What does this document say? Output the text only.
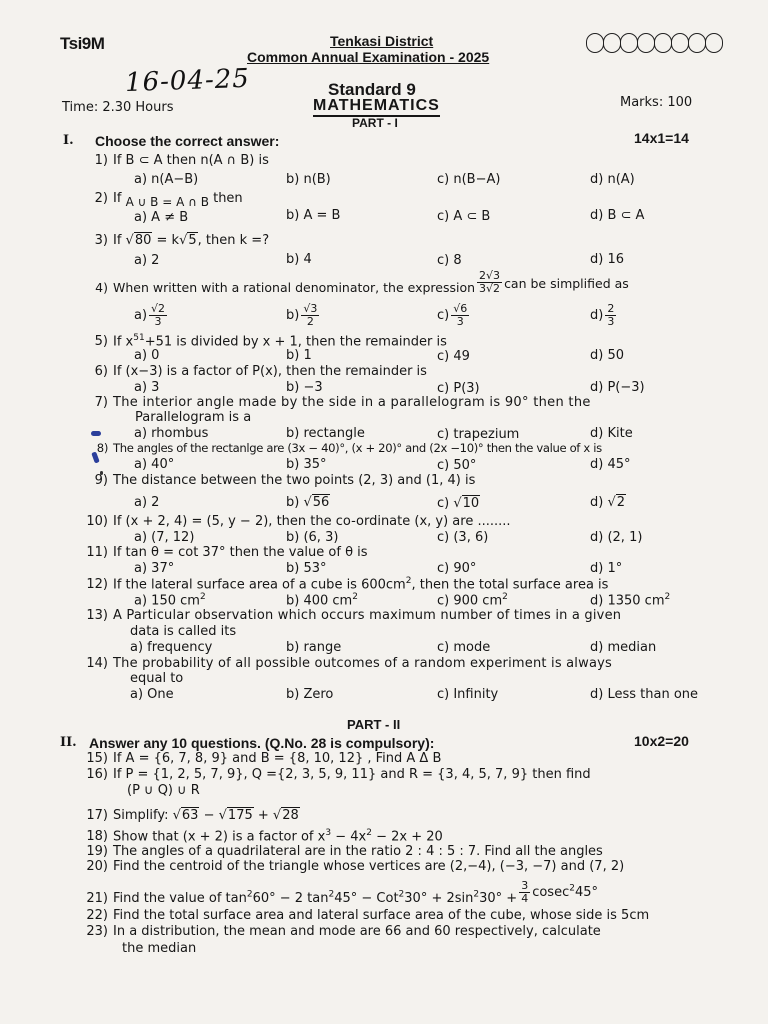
Tsi9M	Tenkasi District
Common Annual Examination - 2025
16-04-25	Standard 9
MATHEMATICS
Time: 2.30 Hours	Marks: 100
PART - I
I. Choose the correct answer:	14x1=14
1) If B ⊂ A then n(A ∩ B) is
a) n(A−B)	b) n(B)	c) n(B−A)	d) n(A)
2) If A ∪ B = A ∩ B then
a) A ≠ B	b) A = B	c) A ⊂ B	d) B ⊂ A
3) If √80 = k√5, then k =?
a) 2	b) 4	c) 8	d) 16
4) When written with a rational denominator, the expression $\frac{2√3}{3√2}$ can be simplified as
$a) \frac{√2}{3}$	$b) \frac{√3}{2}$	$c) \frac{√6}{3}$	$d) \frac{2}{3}$
5) If $x^{51}+51$ is divided by x + 1, then the remainder is
a) 0	b) 1	c) 49	d) 50
6) If (x−3) is a factor of P(x), then the remainder is
a) 3	b) −3	c) P(3)	d) P(−3)
7) The interior angle made by the side in a parallelogram is 90° then the
Parallelogram is a
a) rhombus	b) rectangle	c) trapezium	d) Kite
8) The angles of the rectanlge are (3x − 40)°, (x + 20)° and (2x −10)° then the value of x is
a) 40°	b) 35°	c) 50°	d) 45°
9) The distance between the two points (2, 3) and (1, 4) is
a) 2	b) √56	c) √10	d) √2
10) If (x + 2, 4) = (5, y − 2), then the co-ordinate (x, y) are ........
a) (7, 12)	b) (6, 3)	c) (3, 6)	d) (2, 1)
11) If tan θ = cot 37° then the value of θ is
a) 37°	b) 53°	c) 90°	d) 1°
12) If the lateral surface area of a cube is $600cm^2$, then the total surface area is
a) 150 $cm^2$	b) 400 $cm^2$	c) 900 $cm^2$	d) 1350 $cm^2$
13) A Particular observation which occurs maximum number of times in a given
data is called its
a) frequency	b) range	c) mode	d) median
14) The probability of all possible outcomes of a random experiment is always
equal to
a) One	b) Zero	c) Infinity	d) Less than one
PART - II
II. Answer any 10 questions. (Q.No. 28 is compulsory):	10x2=20
15) If A = {6, 7, 8, 9} and B = {8, 10, 12} , Find A Δ B
16) If P = {1, 2, 5, 7, 9}, Q ={2, 3, 5, 9, 11} and R = {3, 4, 5, 7, 9} then find
(P ∪ Q) ∪ R
17) Simplify: √63 − √175 + √28
18) Show that (x + 2) is a factor of $x^3 - 4x^2 - 2x + 20$
19) The angles of a quadrilateral are in the ratio 2 : 4 : 5 : 7. Find all the angles
20) Find the centroid of the triangle whose vertices are (2,−4), (−3, −7) and (7, 2)
21) Find the value of $\tan^260^\circ - 2$ $\tan^245^\circ - Cot^230^\circ + 2\sin^230^\circ + \frac{3}{4} cosec^245^\circ$
22) Find the total surface area and lateral surface area of the cube, whose side is 5cm
23) In a distribution, the mean and mode are 66 and 60 respectively, calculate
the median
